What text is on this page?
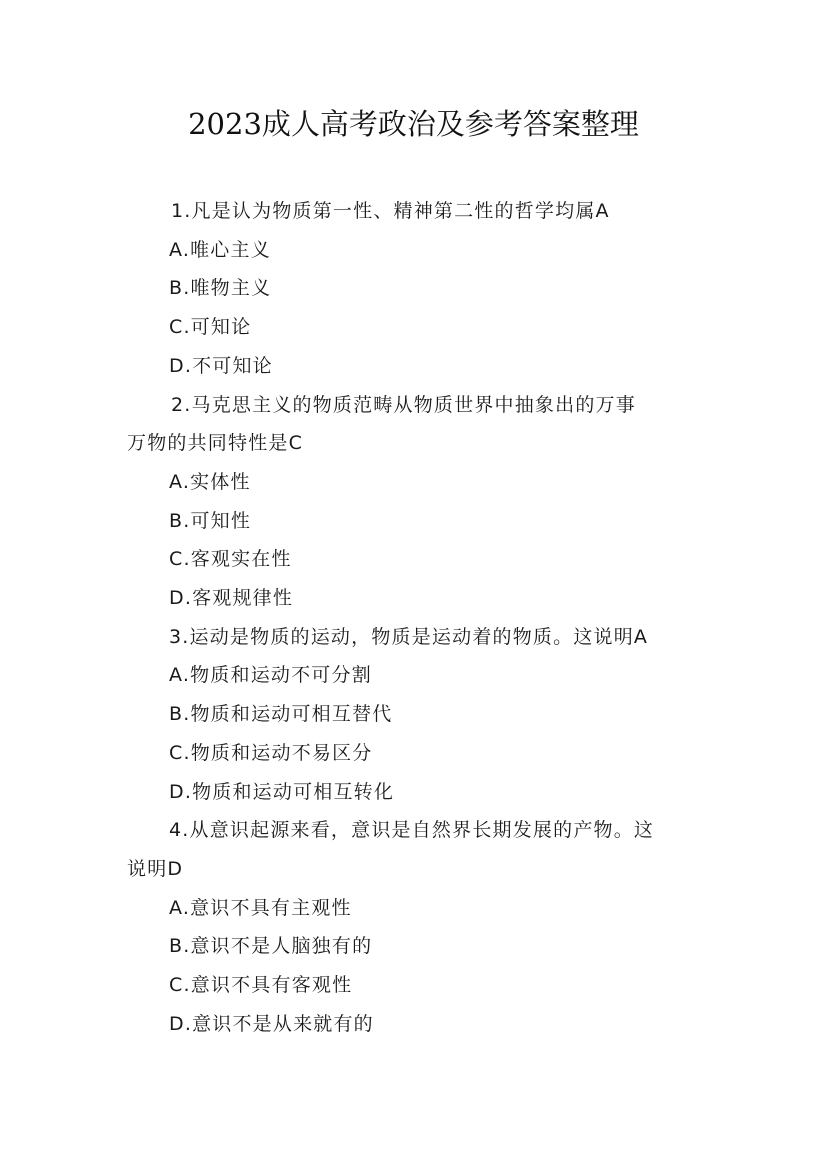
2023成人高考政治及参考答案整理
1.凡是认为物质第一性、精神第二性的哲学均属A
A.唯心主义
B.唯物主义
C.可知论
D.不可知论
2.马克思主义的物质范畴从物质世界中抽象出的万事
万物的共同特性是C
A.实体性
B.可知性
C.客观实在性
D.客观规律性
3.运动是物质的运动，物质是运动着的物质。这说明A
A.物质和运动不可分割
B.物质和运动可相互替代
C.物质和运动不易区分
D.物质和运动可相互转化
4.从意识起源来看，意识是自然界长期发展的产物。这
说明D
A.意识不具有主观性
B.意识不是人脑独有的
C.意识不具有客观性
D.意识不是从来就有的
